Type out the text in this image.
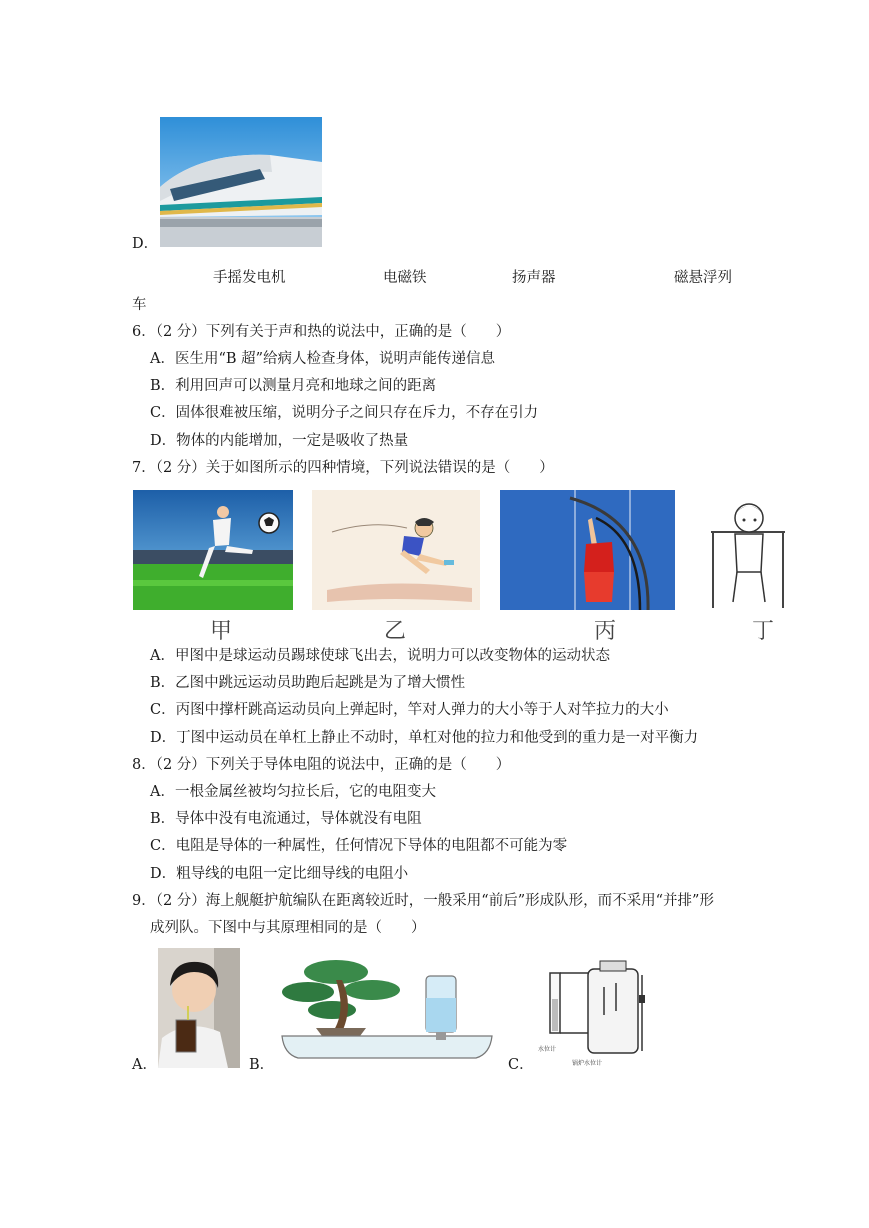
D．
手摇发电机	电磁铁	扬声器	磁悬浮列
车
6．（2 分）下列有关于声和热的说法中，正确的是（　　）
A．医生用“B 超”给病人检查身体，说明声能传递信息
B．利用回声可以测量月亮和地球之间的距离
C．固体很难被压缩，说明分子之间只存在斥力，不存在引力
D．物体的内能增加，一定是吸收了热量
7．（2 分）关于如图所示的四种情境，下列说法错误的是（　　）
甲	乙	丙	丁
A．甲图中是球运动员踢球使球飞出去，说明力可以改变物体的运动状态
B．乙图中跳远运动员助跑后起跳是为了增大惯性
C．丙图中撑杆跳高运动员向上弹起时，竿对人弹力的大小等于人对竿拉力的大小
D．丁图中运动员在单杠上静止不动时，单杠对他的拉力和他受到的重力是一对平衡力
8．（2 分）下列关于导体电阻的说法中，正确的是（　　）
A．一根金属丝被均匀拉长后，它的电阻变大
B．导体中没有电流通过，导体就没有电阻
C．电阻是导体的一种属性，任何情况下导体的电阻都不可能为零
D．粗导线的电阻一定比细导线的电阻小
9．（2 分）海上舰艇护航编队在距离较近时，一般采用“前后”形成队形，而不采用“并排”形
成列队。下图中与其原理相同的是（　　）
A．	B．
水位计
锅炉水位计
C．
